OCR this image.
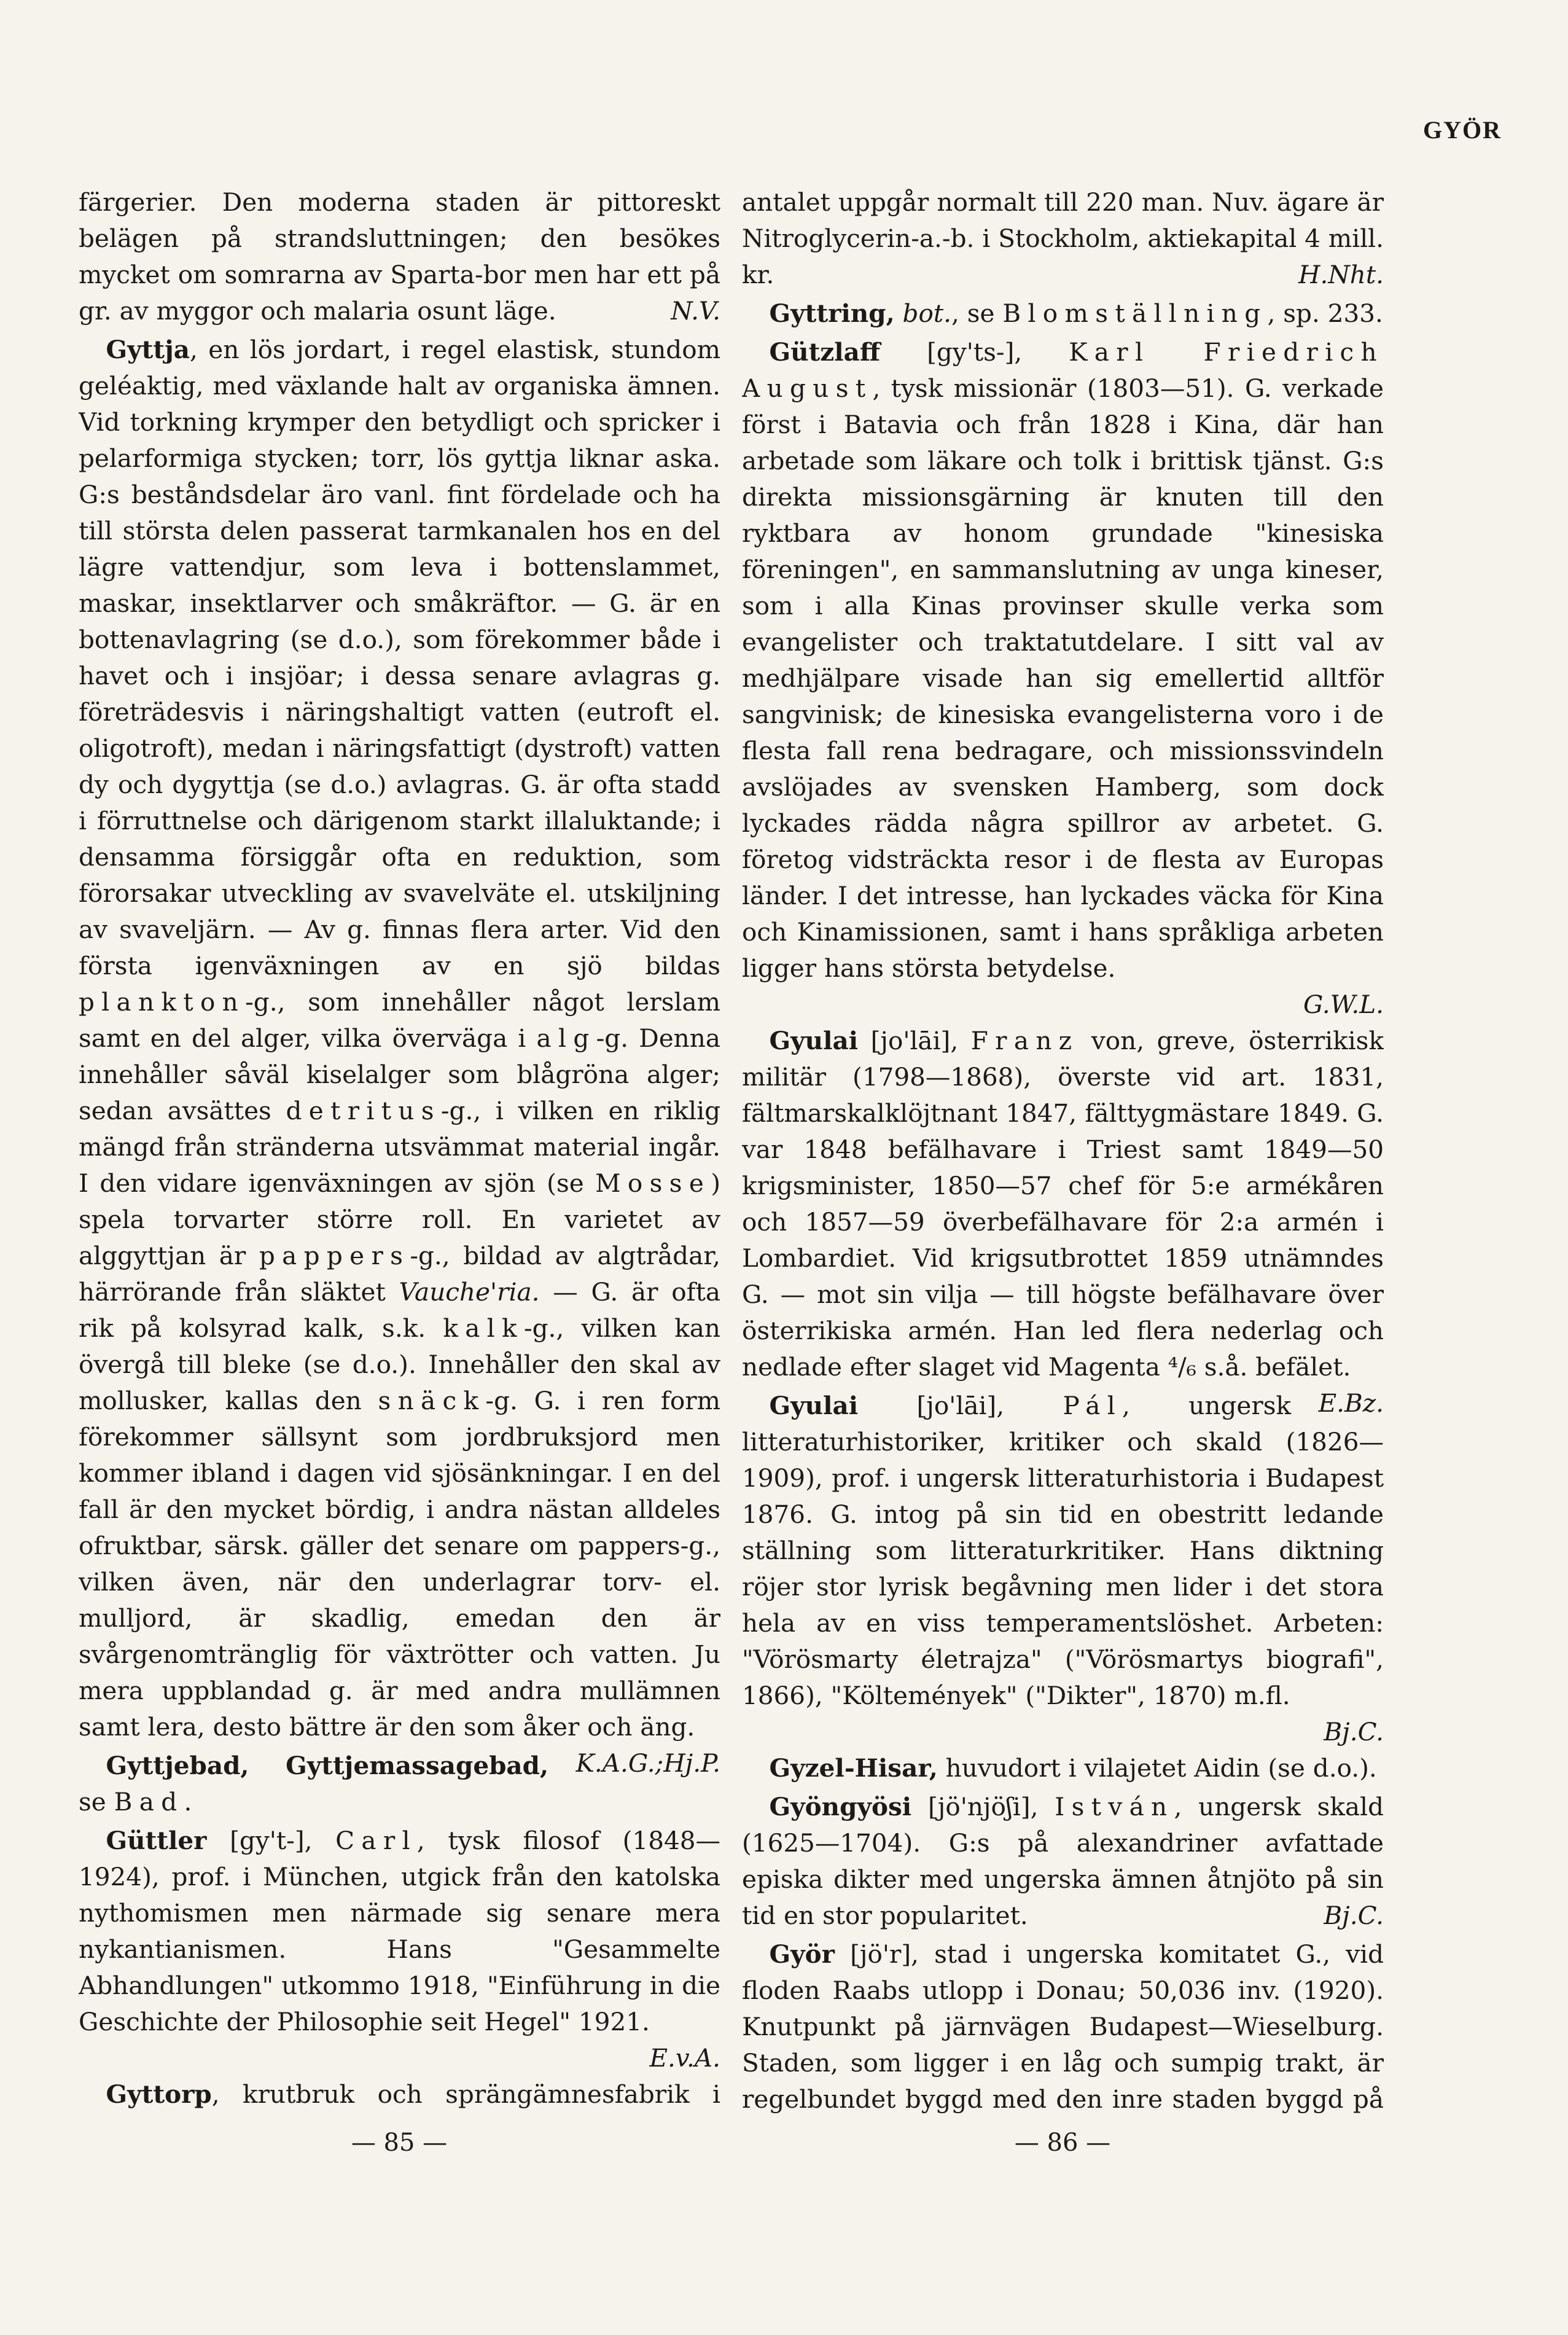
GYÖR

färgerier. Den moderna staden är pittoreskt belägen på strandsluttningen; den besökes mycket om somrarna av Sparta-bor men har ett på gr. av myggor och malaria osunt läge.	N.V.

Gyttja, en lös jordart, i regel elastisk, stundom geléaktig, med växlande halt av organiska ämnen. Vid torkning krymper den betydligt och spricker i pelarformiga stycken; torr, lös gyttja liknar aska. G:s beståndsdelar äro vanl. fint fördelade och ha till största delen passerat tarmkanalen hos en del lägre vattendjur, som leva i bottenslammet, maskar, insektlarver och småkräftor. — G. är en bottenavlagring (se d.o.), som förekommer både i havet och i insjöar; i dessa senare avlagras g. företrädesvis i näringshaltigt vatten (eutroft el. oligotroft), medan i näringsfattigt (dystroft) vatten dy och dygyttja (se d.o.) avlagras. G. är ofta stadd i förruttnelse och därigenom starkt illaluktande; i densamma försiggår ofta en reduktion, som förorsakar utveckling av svavelväte el. utskiljning av svaveljärn. — Av g. finnas flera arter. Vid den första igenväxningen av en sjö bildas plankton-g., som innehåller något lerslam samt en del alger, vilka överväga i alg-g. Denna innehåller såväl kiselalger som blågröna alger; sedan avsättes detritus-g., i vilken en riklig mängd från stränderna utsvämmat material ingår. I den vidare igenväxningen av sjön (se Mosse) spela torvarter större roll. En varietet av alggyttjan är pappers-g., bildad av algtrådar, härrörande från släktet Vauche'ria. — G. är ofta rik på kolsyrad kalk, s.k. kalk-g., vilken kan övergå till bleke (se d.o.). Innehåller den skal av mollusker, kallas den snäck-g. G. i ren form förekommer sällsynt som jordbruksjord men kommer ibland i dagen vid sjösänkningar. I en del fall är den mycket bördig, i andra nästan alldeles ofruktbar, särsk. gäller det senare om pappers-g., vilken även, när den underlagrar torv- el. mulljord, är skadlig, emedan den är svårgenomtränglig för växtrötter och vatten. Ju mera uppblandad g. är med andra mullämnen samt lera, desto bättre är den som åker och äng.
K.A.G.;Hj.P.

Gyttjebad, Gyttjemassagebad, se Bad.

Güttler [gy't-], Carl, tysk filosof (1848—1924), prof. i München, utgick från den katolska nythomismen men närmade sig senare mera nykantianismen. Hans "Gesammelte Abhandlungen" utkommo 1918, "Einführung in die Geschichte der Philosophie seit Hegel" 1921.

E.v.A.

Gyttorp, krutbruk och sprängämnesfabrik i

antalet uppgår normalt till 220 man. Nuv. ägare är Nitroglycerin-a.-b. i Stockholm, aktiekapital 4 mill. kr.	H.Nht.

Gyttring, bot., se Blomställning, sp. 233.

Gützlaff [gy'ts-], Karl Friedrich August, tysk missionär (1803—51). G. verkade först i Batavia och från 1828 i Kina, där han arbetade som läkare och tolk i brittisk tjänst. G:s direkta missionsgärning är knuten till den ryktbara av honom grundade "kinesiska föreningen", en sammanslutning av unga kineser, som i alla Kinas provinser skulle verka som evangelister och traktatutdelare. I sitt val av medhjälpare visade han sig emellertid alltför sangvinisk; de kinesiska evangelisterna voro i de flesta fall rena bedragare, och missionssvindeln avslöjades av svensken Hamberg, som dock lyckades rädda några spillror av arbetet. G. företog vidsträckta resor i de flesta av Europas länder. I det intresse, han lyckades väcka för Kina och Kinamissionen, samt i hans språkliga arbeten ligger hans största betydelse.

G.W.L.

Gyulai [jo'lāi], Franz von, greve, österrikisk militär (1798—1868), överste vid art. 1831, fältmarskalklöjtnant 1847, fälttygmästare 1849. G. var 1848 befälhavare i Triest samt 1849—50 krigsminister, 1850—57 chef för 5:e armékåren och 1857—59 överbefälhavare för 2:a armén i Lombardiet. Vid krigsutbrottet 1859 utnämndes G. — mot sin vilja — till högste befälhavare över österrikiska armén. Han led flera nederlag och nedlade efter slaget vid Magenta ⁴/₆ s.å. befälet.
E.Bz.

Gyulai [jo'lāi], Pál, ungersk litteraturhistoriker, kritiker och skald (1826—1909), prof. i ungersk litteraturhistoria i Budapest 1876. G. intog på sin tid en obestritt ledande ställning som litteraturkritiker. Hans diktning röjer stor lyrisk begåvning men lider i det stora hela av en viss temperamentslöshet. Arbeten: "Vörösmarty életrajza" ("Vörösmartys biografi", 1866), "Költemények" ("Dikter", 1870) m.fl.

Bj.C.

Gyzel-Hisar, huvudort i vilajetet Aidin (se d.o.).

Gyöngyösi [jö'njöʃi], István, ungersk skald (1625—1704). G:s på alexandriner avfattade episka dikter med ungerska ämnen åtnjöto på sin tid en stor popularitet.	Bj.C.

Györ [jö'r], stad i ungerska komitatet G., vid floden Raabs utlopp i Donau; 50,036 inv. (1920). Knutpunkt på järnvägen Budapest—Wieselburg. Staden, som ligger i en låg och sumpig trakt, är regelbundet byggd med den inre staden byggd på

— 85 —	— 86 —
